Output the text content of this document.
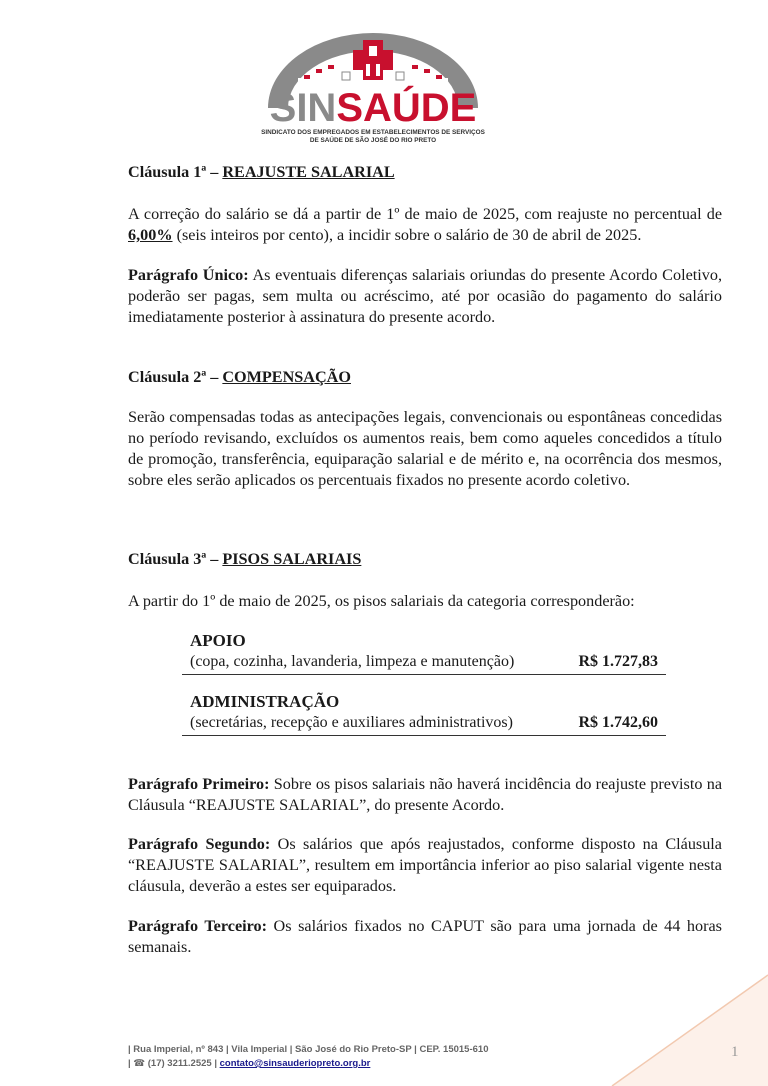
SINSAÚDE
SINDICATO DOS EMPREGADOS EM ESTABELECIMENTOS DE SERVIÇOS
DE SAÚDE DE SÃO JOSÉ DO RIO PRETO
Cláusula 1ª – REAJUSTE SALARIAL
A correção do salário se dá a partir de 1º de maio de 2025, com reajuste no percentual de 6,00% (seis inteiros por cento), a incidir sobre o salário de 30 de abril de 2025.
Parágrafo Único: As eventuais diferenças salariais oriundas do presente Acordo Coletivo, poderão ser pagas, sem multa ou acréscimo, até por ocasião do pagamento do salário imediatamente posterior à assinatura do presente acordo.
Cláusula 2ª – COMPENSAÇÃO
Serão compensadas todas as antecipações legais, convencionais ou espontâneas concedidas no período revisando, excluídos os aumentos reais, bem como aqueles concedidos a título de promoção, transferência, equiparação salarial e de mérito e, na ocorrência dos mesmos, sobre eles serão aplicados os percentuais fixados no presente acordo coletivo.
Cláusula 3ª – PISOS SALARIAIS
A partir do 1º de maio de 2025, os pisos salariais da categoria corresponderão:
APOIO
(copa, cozinha, lavanderia, limpeza e manutenção)	R$ 1.727,83
ADMINISTRAÇÃO
(secretárias, recepção e auxiliares administrativos)	R$ 1.742,60
Parágrafo Primeiro: Sobre os pisos salariais não haverá incidência do reajuste previsto na Cláusula “REAJUSTE SALARIAL”, do presente Acordo.
Parágrafo Segundo: Os salários que após reajustados, conforme disposto na Cláusula “REAJUSTE SALARIAL”, resultem em importância inferior ao piso salarial vigente nesta cláusula, deverão a estes ser equiparados.
Parágrafo Terceiro: Os salários fixados no CAPUT são para uma jornada de 44 horas semanais.
| Rua Imperial, nº 843 | Vila Imperial | São José do Rio Preto-SP | CEP. 15015-610
| ☎ (17) 3211.2525 | contato@sinsauderiopreto.org.br
1
